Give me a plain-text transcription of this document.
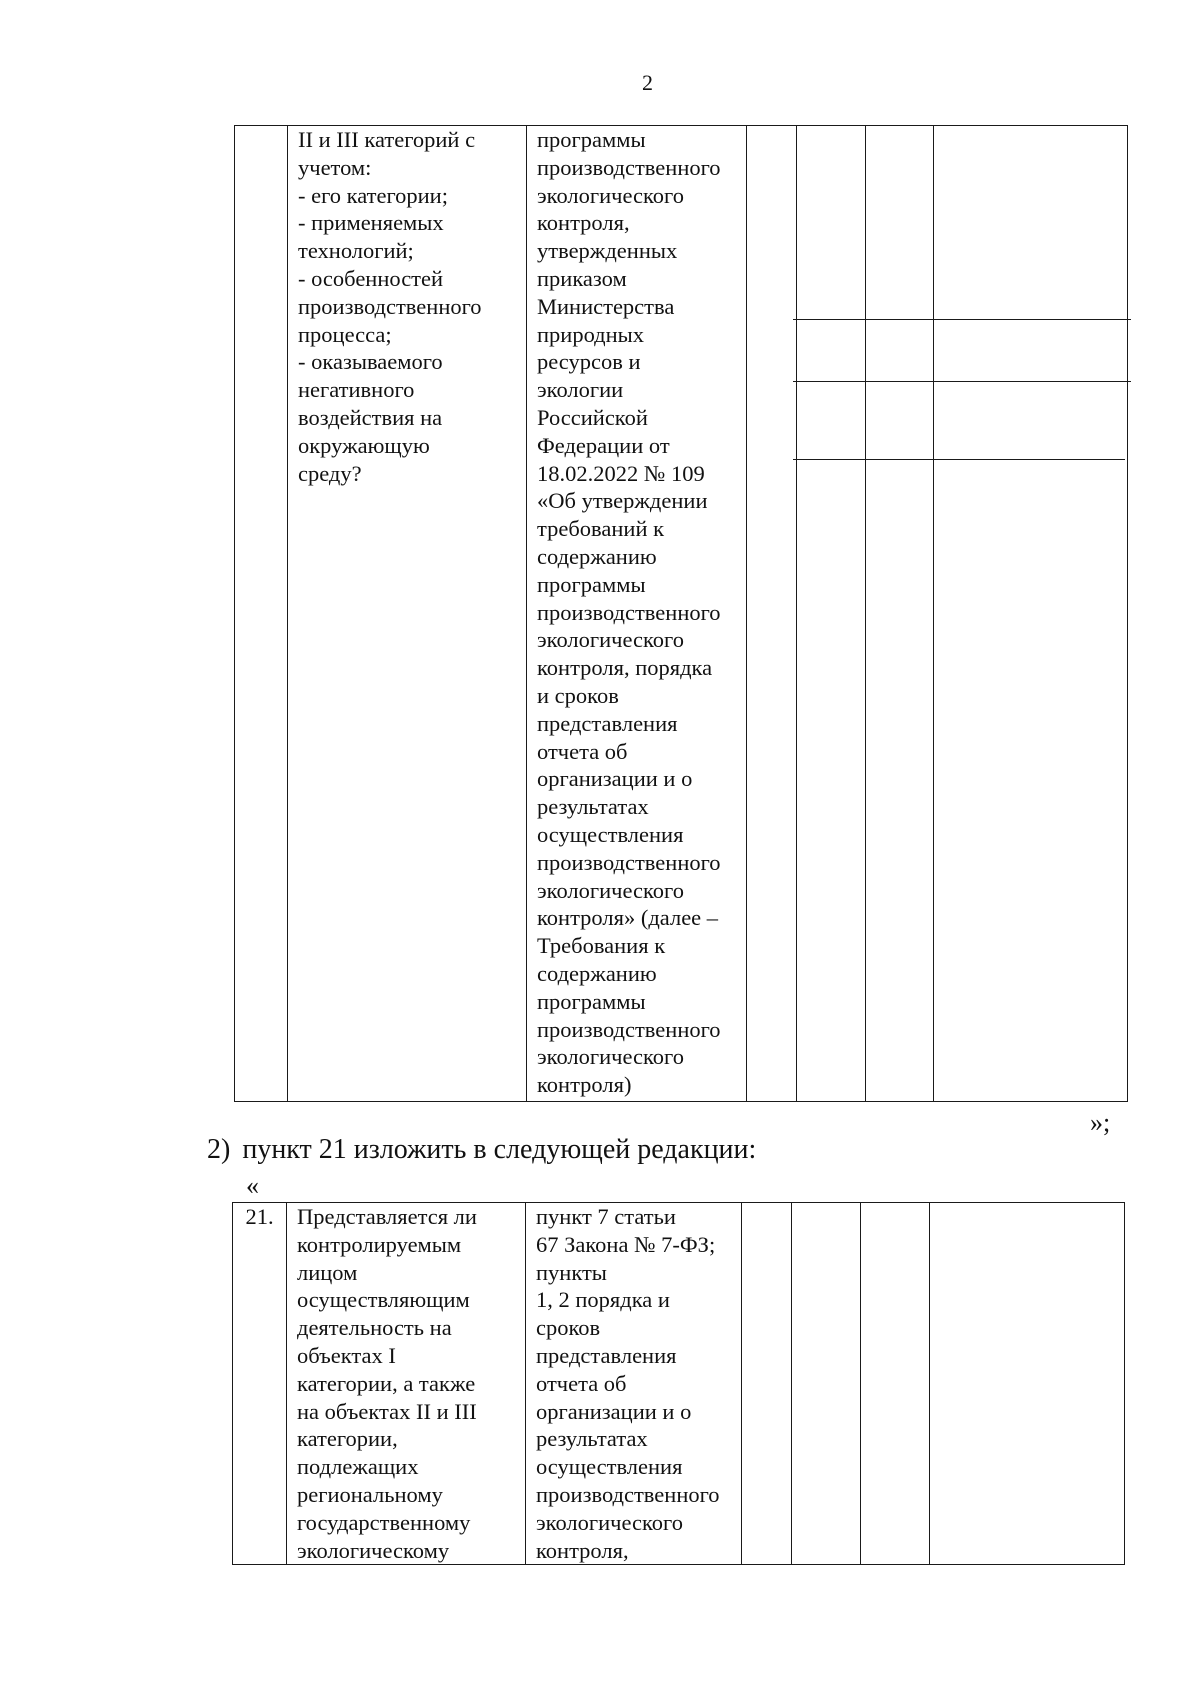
2
	II и III категорий с
учетом:
- его категории;
- применяемых
технологий;
- особенностей
производственного
процесса;
- оказываемого
негативного
воздействия на
окружающую
среду?	программы
производственного
экологического
контроля,
утвержденных
приказом
Министерства
природных
ресурсов и
экологии
Российской
Федерации от
18.02.2022 № 109
«Об утверждении
требований к
содержанию
программы
производственного
экологического
контроля, порядка
и сроков
представления
отчета об
организации и о
результатах
осуществления
производственного
экологического
контроля» (далее –
Требования к
содержанию
программы
производственного
экологического
контроля)				
»;
2) пункт 21 изложить в следующей редакции:
«
21.	Представляется ли
контролируемым
лицом
осуществляющим
деятельность на
объектах I
категории, а также
на объектах II и III
категории,
подлежащих
региональному
государственному
экологическому	пункт 7 статьи
67 Закона № 7-ФЗ;
пункты
1, 2 порядка и
сроков
представления
отчета об
организации и о
результатах
осуществления
производственного
экологического
контроля,				
